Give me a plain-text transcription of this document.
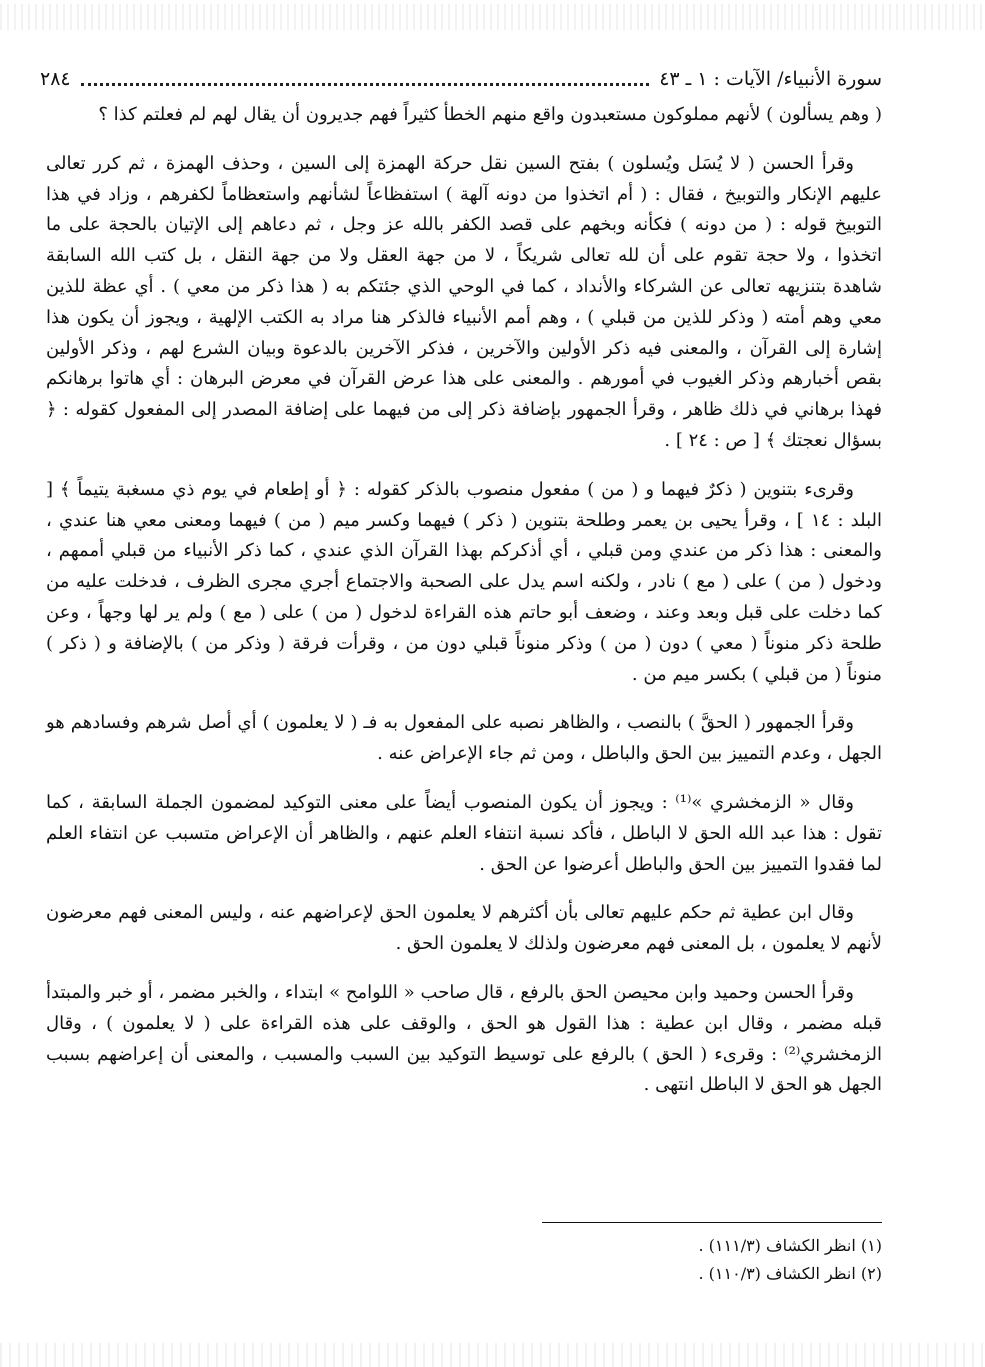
سورة الأنبياء/ الآيات : ١ ـ ٤٣
٢٨٤

( وهم يسألون ) لأنهم مملوكون مستعبدون واقع منهم الخطأ كثيراً فهم جديرون أن يقال لهم لم فعلتم كذا ؟

وقرأ الحسن ( لا يُسَل ويُسلون ) بفتح السين نقل حركة الهمزة إلى السين ، وحذف الهمزة ، ثم كرر تعالى عليهم الإنكار والتوبيخ ، فقال : ( أم اتخذوا من دونه آلهة ) استفظاعاً لشأنهم واستعظاماً لكفرهم ، وزاد في هذا التوبيخ قوله : ( من دونه ) فكأنه وبخهم على قصد الكفر بالله عز وجل ، ثم دعاهم إلى الإتيان بالحجة على ما اتخذوا ، ولا حجة تقوم على أن لله تعالى شريكاً ، لا من جهة العقل ولا من جهة النقل ، بل كتب الله السابقة شاهدة بتنزيهه تعالى عن الشركاء والأنداد ، كما في الوحي الذي جئتكم به ( هذا ذكر من معي ) . أي عظة للذين معي وهم أمته ( وذكر للذين من قبلي ) ، وهم أمم الأنبياء فالذكر هنا مراد به الكتب الإلهية ، ويجوز أن يكون هذا إشارة إلى القرآن ، والمعنى فيه ذكر الأولين والآخرين ، فذكر الآخرين بالدعوة وبيان الشرع لهم ، وذكر الأولين بقص أخبارهم وذكر الغيوب في أمورهم . والمعنى على هذا عرض القرآن في معرض البرهان : أي هاتوا برهانكم فهذا برهاني في ذلك ظاهر ، وقرأ الجمهور بإضافة ذكر إلى من فيهما على إضافة المصدر إلى المفعول كقوله : ﴿ بسؤال نعجتك ﴾ [ ص : ٢٤ ] .

وقرىء بتنوين ( ذكرٌ فيهما و ( من ) مفعول منصوب بالذكر كقوله : ﴿ أو إطعام في يوم ذي مسغبة يتيماً ﴾ [ البلد : ١٤ ] ، وقرأ يحيى بن يعمر وطلحة بتنوين ( ذكر ) فيهما وكسر ميم ( من ) فيهما ومعنى معي هنا عندي ، والمعنى : هذا ذكر من عندي ومن قبلي ، أي أذكركم بهذا القرآن الذي عندي ، كما ذكر الأنبياء من قبلي أممهم ، ودخول ( من ) على ( مع ) نادر ، ولكنه اسم يدل على الصحبة والاجتماع أجري مجرى الظرف ، فدخلت عليه من كما دخلت على قبل وبعد وعند ، وضعف أبو حاتم هذه القراءة لدخول ( من ) على ( مع ) ولم ير لها وجهاً ، وعن طلحة ذكر منوناً ( معي ) دون ( من ) وذكر منوناً قبلي دون من ، وقرأت فرقة ( وذكر من ) بالإضافة و ( ذكر ) منوناً ( من قبلي ) بكسر ميم من .

وقرأ الجمهور ( الحقَّ ) بالنصب ، والظاهر نصبه على المفعول به فـ ( لا يعلمون ) أي أصل شرهم وفسادهم هو الجهل ، وعدم التمييز بين الحق والباطل ، ومن ثم جاء الإعراض عنه .

وقال « الزمخشري »⁽¹⁾ : ويجوز أن يكون المنصوب أيضاً على معنى التوكيد لمضمون الجملة السابقة ، كما تقول : هذا عبد الله الحق لا الباطل ، فأكد نسبة انتفاء العلم عنهم ، والظاهر أن الإعراض متسبب عن انتفاء العلم لما فقدوا التمييز بين الحق والباطل أعرضوا عن الحق .

وقال ابن عطية ثم حكم عليهم تعالى بأن أكثرهم لا يعلمون الحق لإعراضهم عنه ، وليس المعنى فهم معرضون لأنهم لا يعلمون ، بل المعنى فهم معرضون ولذلك لا يعلمون الحق .

وقرأ الحسن وحميد وابن محيصن الحق بالرفع ، قال صاحب « اللوامح » ابتداء ، والخبر مضمر ، أو خبر والمبتدأ قبله مضمر ، وقال ابن عطية : هذا القول هو الحق ، والوقف على هذه القراءة على ( لا يعلمون ) ، وقال الزمخشري⁽²⁾ : وقرىء ( الحق ) بالرفع على توسيط التوكيد بين السبب والمسبب ، والمعنى أن إعراضهم بسبب الجهل هو الحق لا الباطل انتهى .

(١) انظر الكشاف (١١١/٣) .
(٢) انظر الكشاف (١١٠/٣) .
